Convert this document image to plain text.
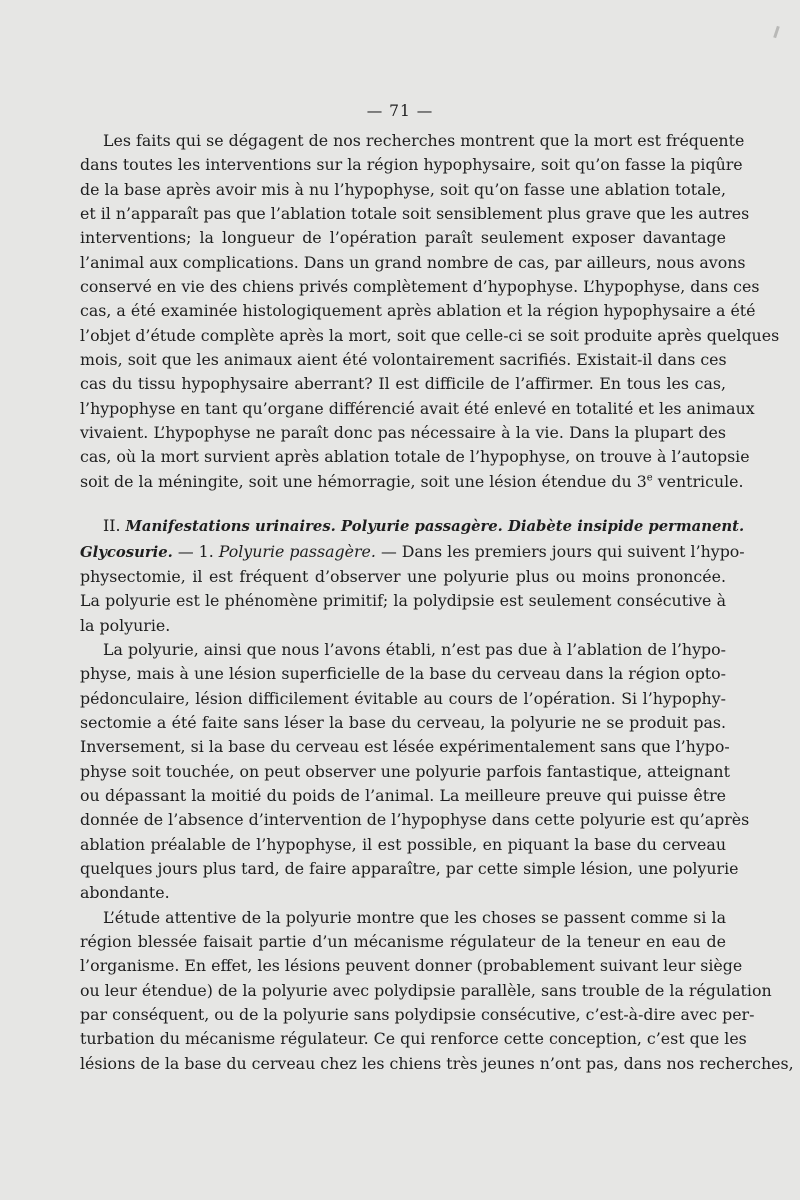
— 71 —

Les faits qui se dégagent de nos recherches montrent que la mort est fréquente
dans toutes les interventions sur la région hypophysaire, soit qu’on fasse la piqûre
de la base après avoir mis à nu l’hypophyse, soit qu’on fasse une ablation totale,
et il n’apparaît pas que l’ablation totale soit sensiblement plus grave que les autres
interventions; la longueur de l’opération paraît seulement exposer davantage
l’animal aux complications. Dans un grand nombre de cas, par ailleurs, nous avons
conservé en vie des chiens privés complètement d’hypophyse. L’hypophyse, dans ces
cas, a été examinée histologiquement après ablation et la région hypophysaire a été
l’objet d’étude complète après la mort, soit que celle-ci se soit produite après quelques
mois, soit que les animaux aient été volontairement sacrifiés. Existait-il dans ces
cas du tissu hypophysaire aberrant? Il est difficile de l’affirmer. En tous les cas,
l’hypophyse en tant qu’organe différencié avait été enlevé en totalité et les animaux
vivaient. L’hypophyse ne paraît donc pas nécessaire à la vie. Dans la plupart des
cas, où la mort survient après ablation totale de l’hypophyse, on trouve à l’autopsie
soit de la méningite, soit une hémorragie, soit une lésion étendue du 3e ventricule.

II. Manifestations urinaires. Polyurie passagère. Diabète insipide permanent.
Glycosurie. — 1. Polyurie passagère. — Dans les premiers jours qui suivent l’hypo-
physectomie, il est fréquent d’observer une polyurie plus ou moins prononcée.
La polyurie est le phénomène primitif; la polydipsie est seulement consécutive à
la polyurie.

La polyurie, ainsi que nous l’avons établi, n’est pas due à l’ablation de l’hypo-
physe, mais à une lésion superficielle de la base du cerveau dans la région opto-
pédonculaire, lésion difficilement évitable au cours de l’opération. Si l’hypophy-
sectomie a été faite sans léser la base du cerveau, la polyurie ne se produit pas.
Inversement, si la base du cerveau est lésée expérimentalement sans que l’hypo-
physe soit touchée, on peut observer une polyurie parfois fantastique, atteignant
ou dépassant la moitié du poids de l’animal. La meilleure preuve qui puisse être
donnée de l’absence d’intervention de l’hypophyse dans cette polyurie est qu’après
ablation préalable de l’hypophyse, il est possible, en piquant la base du cerveau
quelques jours plus tard, de faire apparaître, par cette simple lésion, une polyurie
abondante.

L’étude attentive de la polyurie montre que les choses se passent comme si la
région blessée faisait partie d’un mécanisme régulateur de la teneur en eau de
l’organisme. En effet, les lésions peuvent donner (probablement suivant leur siège
ou leur étendue) de la polyurie avec polydipsie parallèle, sans trouble de la régulation
par conséquent, ou de la polyurie sans polydipsie consécutive, c’est-à-dire avec per-
turbation du mécanisme régulateur. Ce qui renforce cette conception, c’est que les
lésions de la base du cerveau chez les chiens très jeunes n’ont pas, dans nos recherches,
